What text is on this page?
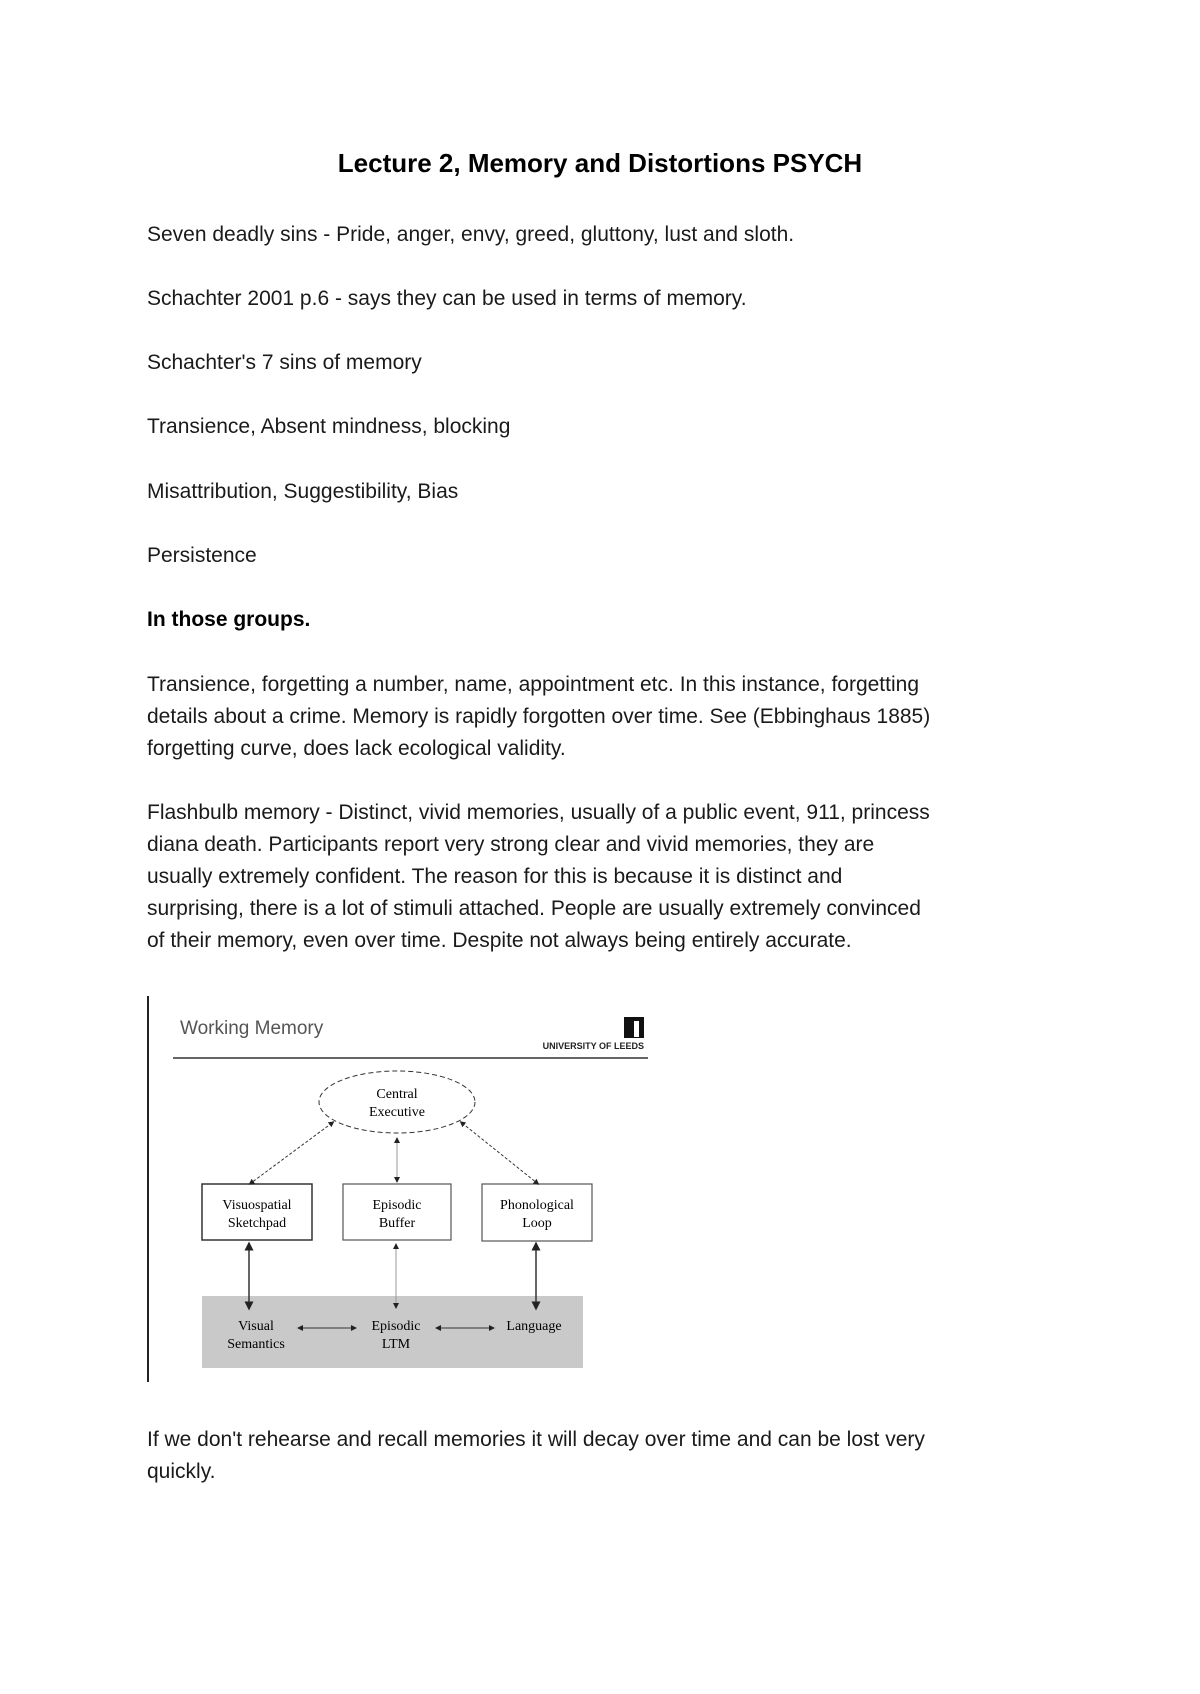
Lecture 2, Memory and Distortions PSYCH
Seven deadly sins - Pride, anger, envy, greed, gluttony, lust and sloth.
Schachter 2001 p.6 - says they can be used in terms of memory.
Schachter's 7 sins of memory
Transience, Absent mindness, blocking
Misattribution, Suggestibility, Bias
Persistence
In those groups.
Transience, forgetting a number, name, appointment etc. In this instance, forgetting
details about a crime. Memory is rapidly forgotten over time. See (Ebbinghaus 1885)
forgetting curve, does lack ecological validity.
Flashbulb memory - Distinct, vivid memories, usually of a public event, 911, princess
diana death. Participants report very strong clear and vivid memories, they are
usually extremely confident. The reason for this is because it is distinct and
surprising, there is a lot of stimuli attached. People are usually extremely convinced
of their memory, even over time. Despite not always being entirely accurate.
Working Memory
UNIVERSITY OF LEEDS
Central
Executive
Visuospatial
Sketchpad
Episodic
Buffer
Phonological
Loop
Visual
Semantics
Episodic
LTM
Language
If we don't rehearse and recall memories it will decay over time and can be lost very
quickly.
